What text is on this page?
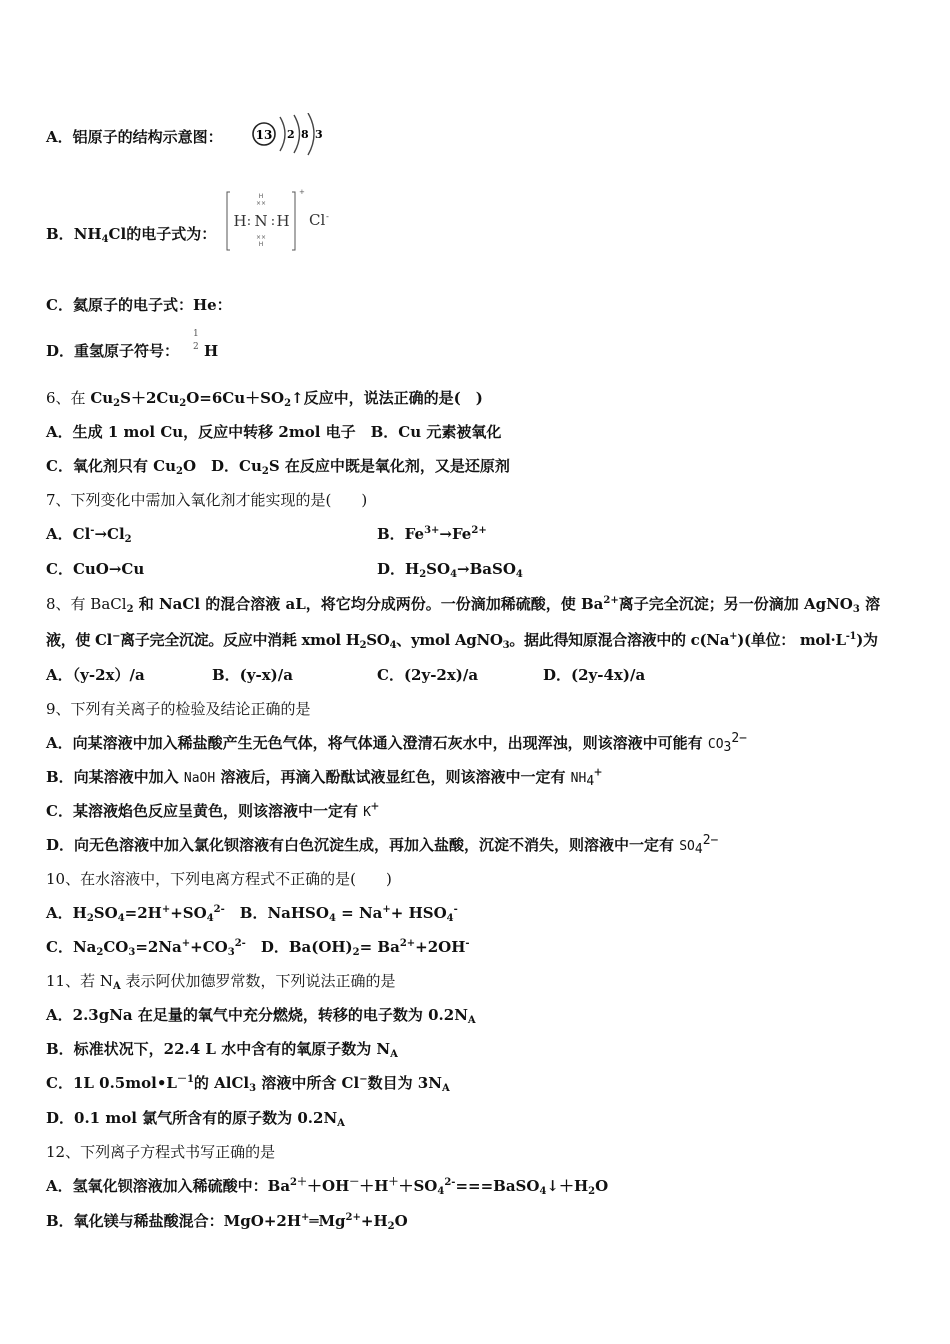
A．铝原子的结构示意图：	13 2 8 3
B．$NH_4Cl$的电子式为：
H
××
H : N : H
××
H
+
Cl -
C．氦原子的电子式：He：
D．重氢原子符号：
1
2 H
6、在 $Cu_2S+2Cu_2O=6Cu+SO_2↑$反应中，说法正确的是(　)
A．生成 1 mol Cu，反应中转移 2mol 电子　B．Cu 元素被氧化
C．氧化剂只有 $Cu_2O$　D．$Cu_2S$ 在反应中既是氧化剂，又是还原剂
7、下列变化中需加入氧化剂才能实现的是(　　)
A．$Cl^-\to Cl_2$	B．$Fe^{3+}\to Fe^{2+}$
C．CuO→Cu	D．$H_2SO_4\to BaSO_4$
8、有 BaCl$_2$ 和 NaCl 的混合溶液 aL，将它均分成两份。一份滴加稀硫酸，使 $Ba^{2+}$离子完全沉淀；另一份滴加 AgNO$_3$ 溶
液，使 Cl−离子完全沉淀。反应中消耗 xmol $H_2SO_4$、ymol AgNO$_3$。据此得知原混合溶液中的 c(Na+)(单位： $mol\cdot L^{-1}$)为
A．（y-2x）/a	B．(y-x)/a	C．(2y-2x)/a	D．(2y-4x)/a
9、下列有关离子的检验及结论正确的是
A．向某溶液中加入稀盐酸产生无色气体，将气体通入澄清石灰水中，出现浑浊，则该溶液中可能有 $CO_3^{2-}$
B．向某溶液中加入 NaOH 溶液后，再滴入酚酞试液显红色，则该溶液中一定有 $NH_4^+$
C．某溶液焰色反应呈黄色，则该溶液中一定有 K+
D．向无色溶液中加入氯化钡溶液有白色沉淀生成，再加入盐酸，沉淀不消失，则溶液中一定有 $SO_4^{2-}$
10、在水溶液中，下列电离方程式不正确的是(　　)
A．$H_2SO_4=2H^++SO_4^{2-}$　B．NaHSO$_4$ = $Na^++ HSO_4^-$
C．$Na_2CO_3=2Na^++CO_3^{2-}$　D．$Ba(OH)_2= Ba^{2+}+2OH^-$
11、若 $N_A$ 表示阿伏加德罗常数，下列说法正确的是
A．2.3gNa 在足量的氧气中充分燃烧，转移的电子数为 $0.2N_A$
B．标准状况下，22.4 L 水中含有的氧原子数为 $N_A$
C．1L $0.5mol•L^{-1}$的 AlCl$_3$ 溶液中所含 Cl−数目为 $3N_A$
D．0.1 mol 氯气所含有的原子数为 $0.2N_A$
12、下列离子方程式书写正确的是
A．氢氧化钡溶液加入稀硫酸中：$Ba^{2+}+OH^-+H^++SO_4^{2-}===BaSO_4↓+H_2O$
B．氧化镁与稀盐酸混合：$MgO+2H^+═Mg^{2+}+H_2O$
